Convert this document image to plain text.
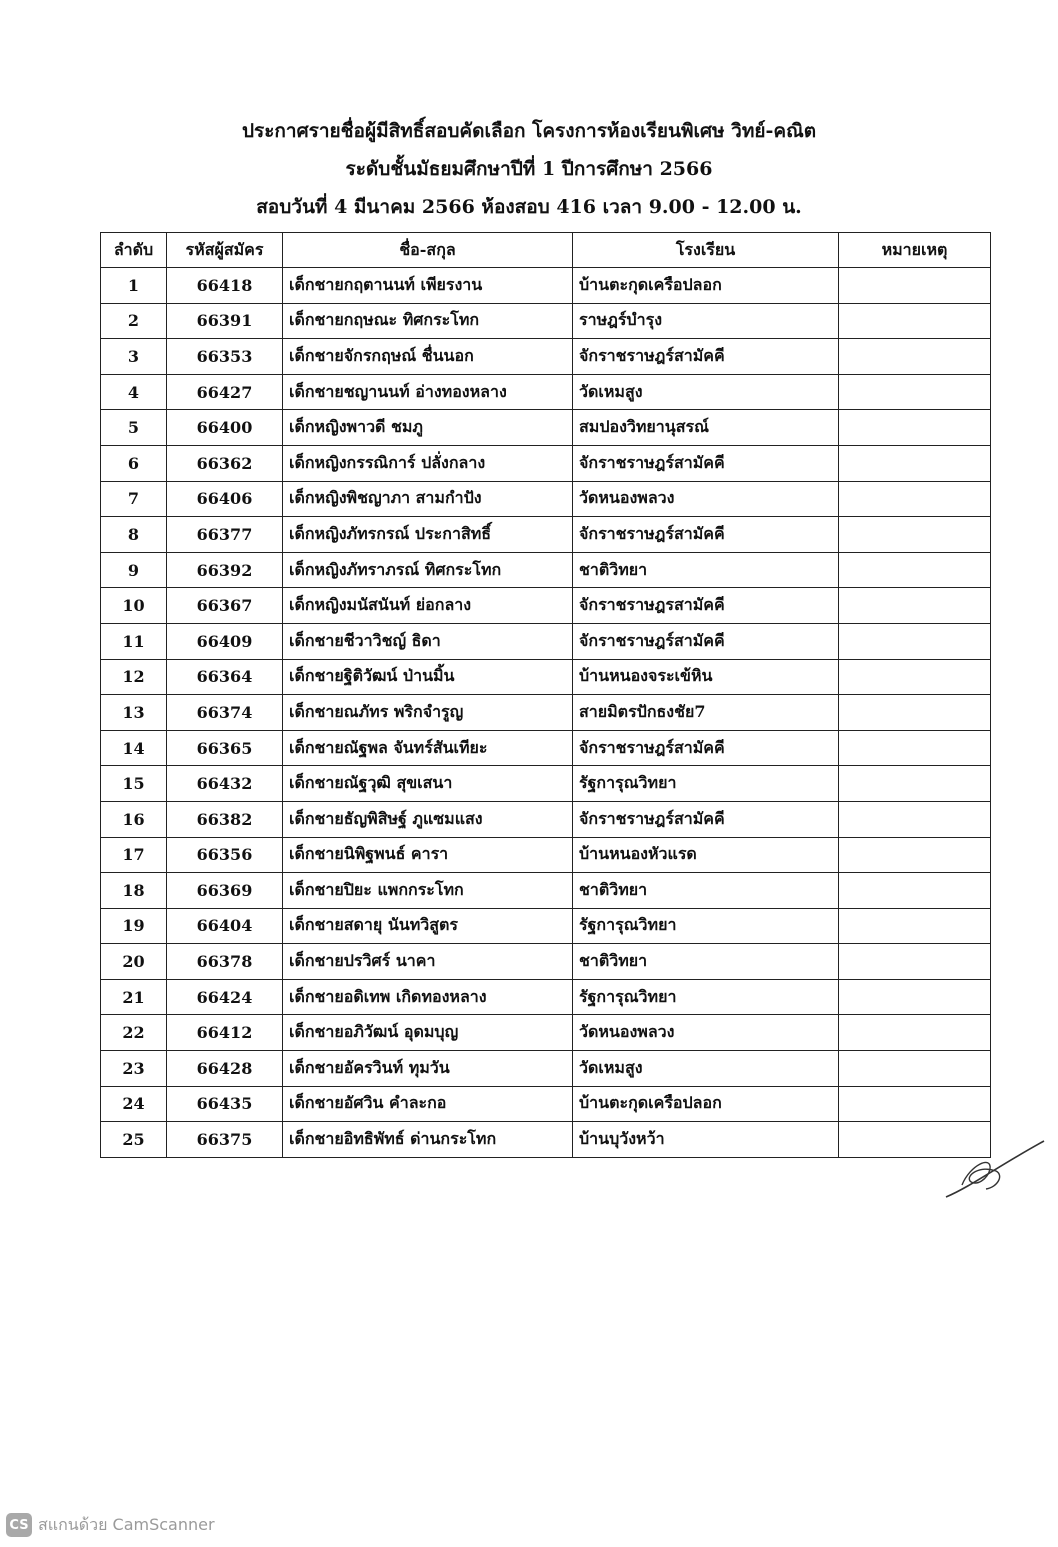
ประกาศรายชื่อผู้มีสิทธิ์สอบคัดเลือก โครงการห้องเรียนพิเศษ วิทย์-คณิต
ระดับชั้นมัธยมศึกษาปีที่ 1 ปีการศึกษา 2566
สอบวันที่ 4 มีนาคม 2566 ห้องสอบ 416 เวลา 9.00 - 12.00 น.
ลำดับ	รหัสผู้สมัคร	ชื่อ-สกุล	โรงเรียน	หมายเหตุ
1	66418	เด็กชายกฤตานนท์ เพียรงาน	บ้านตะกุดเครือปลอก	
2	66391	เด็กชายกฤษณะ ทิศกระโทก	ราษฎร์บำรุง	
3	66353	เด็กชายจักรกฤษณ์ ชื่นนอก	จักราชราษฎร์สามัคคี	
4	66427	เด็กชายชญานนท์ อ่างทองหลาง	วัดเหมสูง	
5	66400	เด็กหญิงพาวดี ชมภู	สมปองวิทยานุสรณ์	
6	66362	เด็กหญิงกรรณิการ์ ปลั่งกลาง	จักราชราษฎร์สามัคคี	
7	66406	เด็กหญิงพิชญาภา สามกำปัง	วัดหนองพลวง	
8	66377	เด็กหญิงภัทรกรณ์ ประกาสิทธิ์	จักราชราษฎร์สามัคคี	
9	66392	เด็กหญิงภัทราภรณ์ ทิศกระโทก	ชาติวิทยา	
10	66367	เด็กหญิงมนัสนันท์ ย่อกลาง	จักราชราษฎรสามัคคี	
11	66409	เด็กชายชีวาวิชญ์ ธิดา	จักราชราษฎร์สามัคคี	
12	66364	เด็กชายฐิติวัฒน์ ป่านมิ้น	บ้านหนองจระเข้หิน	
13	66374	เด็กชายณภัทร พริกจำรูญ	สายมิตรปักธงชัย7	
14	66365	เด็กชายณัฐพล จันทร์สันเทียะ	จักราชราษฎร์สามัคคี	
15	66432	เด็กชายณัฐวุฒิ สุขเสนา	รัฐการุณวิทยา	
16	66382	เด็กชายธัญพิสิษฐ์ ภูแซมแสง	จักราชราษฎร์สามัคคี	
17	66356	เด็กชายนิพิฐพนธ์ คารา	บ้านหนองหัวแรด	
18	66369	เด็กชายปิยะ แพกกระโทก	ชาติวิทยา	
19	66404	เด็กชายสดายุ นันทวิสูตร	รัฐการุณวิทยา	
20	66378	เด็กชายปรวิศร์ นาคา	ชาติวิทยา	
21	66424	เด็กชายอดิเทพ เกิดทองหลาง	รัฐการุณวิทยา	
22	66412	เด็กชายอภิวัฒน์ อุดมบุญ	วัดหนองพลวง	
23	66428	เด็กชายอัครวินท์ ทุมวัน	วัดเหมสูง	
24	66435	เด็กชายอัศวิน คำละกอ	บ้านตะกุดเครือปลอก	
25	66375	เด็กชายอิทธิพัทธ์ ด่านกระโทก	บ้านบุวังหว้า	
CS สแกนด้วย CamScanner
